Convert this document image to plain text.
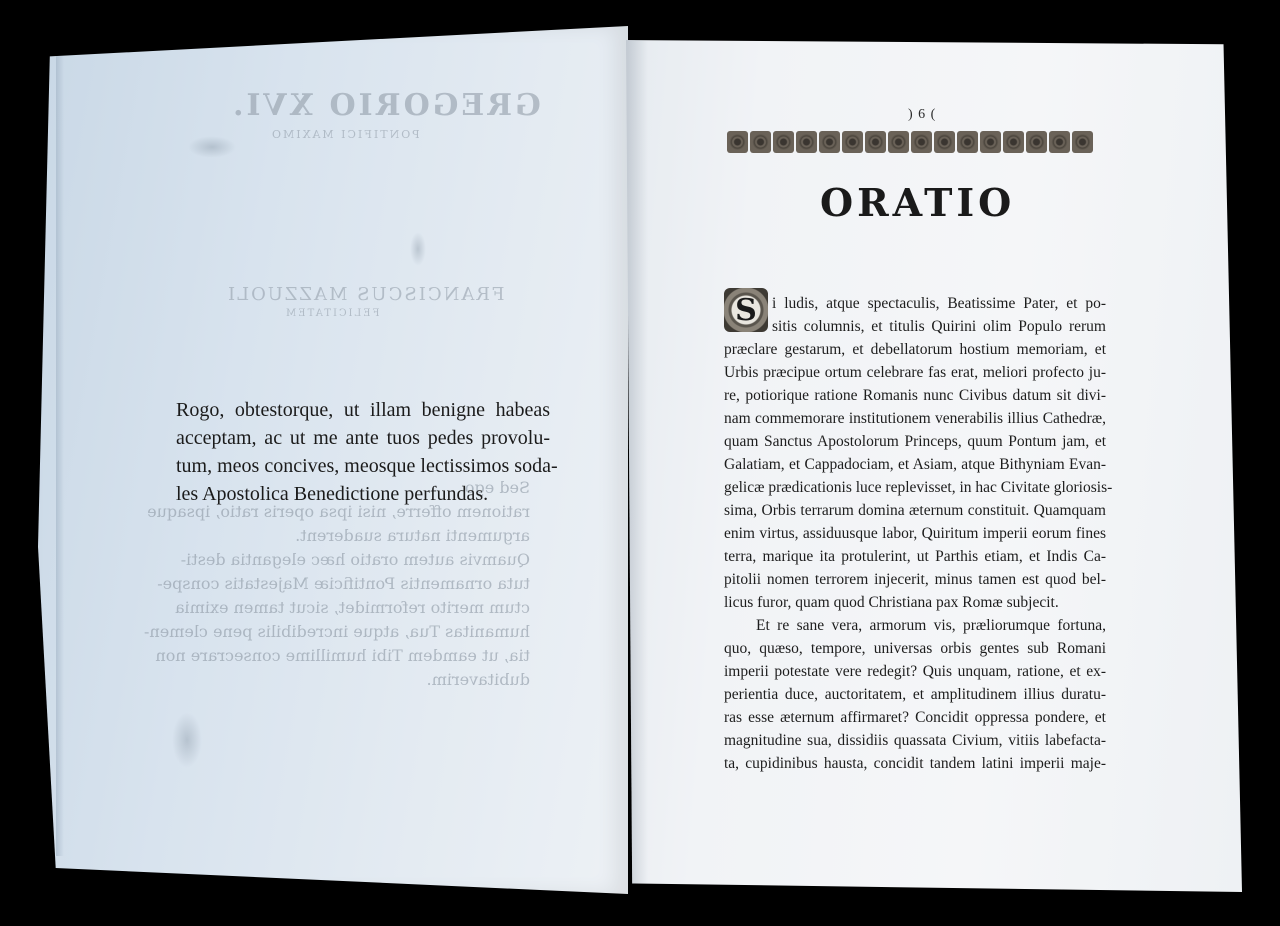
GREGORIO XVI.
PONTIFICI MAXIMO
FRANCISCUS MAZZUOLI
FELICITATEM
Sed ego
rationem offerre, nisi ipsa operis ratio, ipsaque
argumenti natura suaderent.
Quamvis autem oratio hæc elegantia desti-
tuta ornamentis Pontificiæ Majestatis conspe-
ctum merito reformidet, sicut tamen eximia
humanitas Tua, atque incredibilis pene clemen-
tia, ut eamdem Tibi humillime consecrare non
dubitaverim.
Rogo, obtestorque, ut illam benigne habeas
acceptam, ac ut me ante tuos pedes provolu-
tum, meos concives, meosque lectissimos soda-
les Apostolica Benedictione perfundas.
) 6 (
ORATIO
S i ludis, atque spectaculis, Beatissime Pater, et po-
sitis columnis, et titulis Quirini olim Populo rerum
præclare gestarum, et debellatorum hostium memoriam, et
Urbis præcipue ortum celebrare fas erat, meliori profecto ju-
re, potiorique ratione Romanis nunc Civibus datum sit divi-
nam commemorare institutionem venerabilis illius Cathedræ,
quam Sanctus Apostolorum Princeps, quum Pontum jam, et
Galatiam, et Cappadociam, et Asiam, atque Bithyniam Evan-
gelicæ prædicationis luce replevisset, in hac Civitate gloriosis-
sima, Orbis terrarum domina æternum constituit. Quamquam
enim virtus, assiduusque labor, Quiritum imperii eorum fines
terra, marique ita protulerint, ut Parthis etiam, et Indis Ca-
pitolii nomen terrorem injecerit, minus tamen est quod bel-
licus furor, quam quod Christiana pax Romæ subjecit.
Et re sane vera, armorum vis, præliorumque fortuna,
quo, quæso, tempore, universas orbis gentes sub Romani
imperii potestate vere redegit? Quis unquam, ratione, et ex-
perientia duce, auctoritatem, et amplitudinem illius duratu-
ras esse æternum affirmaret? Concidit oppressa pondere, et
magnitudine sua, dissidiis quassata Civium, vitiis labefacta-
ta, cupidinibus hausta, concidit tandem latini imperii maje-
